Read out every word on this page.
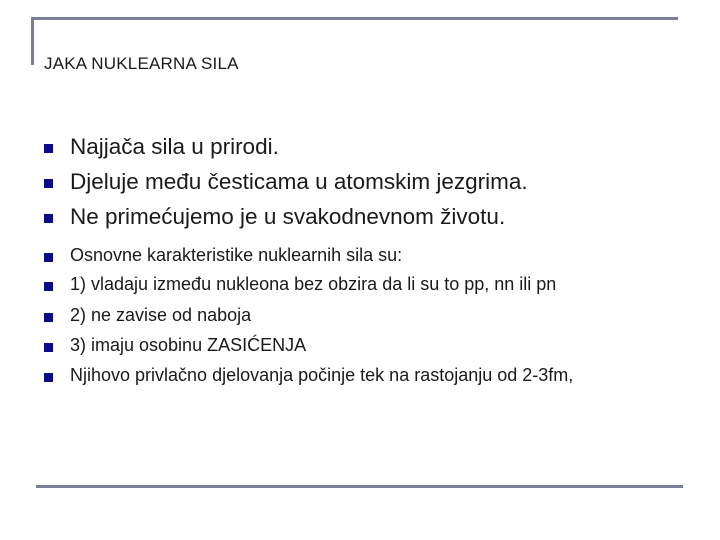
JAKA NUKLEARNA SILA
Najjača sila u prirodi.
Djeluje među česticama u atomskim jezgrima.
Ne primećujemo je u svakodnevnom životu.
Osnovne karakteristike nuklearnih sila su:
1) vladaju između nukleona bez obzira da li su to pp, nn ili pn
2) ne zavise od naboja
3) imaju osobinu ZASIĆENJA
Njihovo privlačno djelovanja počinje tek na rastojanju od 2-3fm,
